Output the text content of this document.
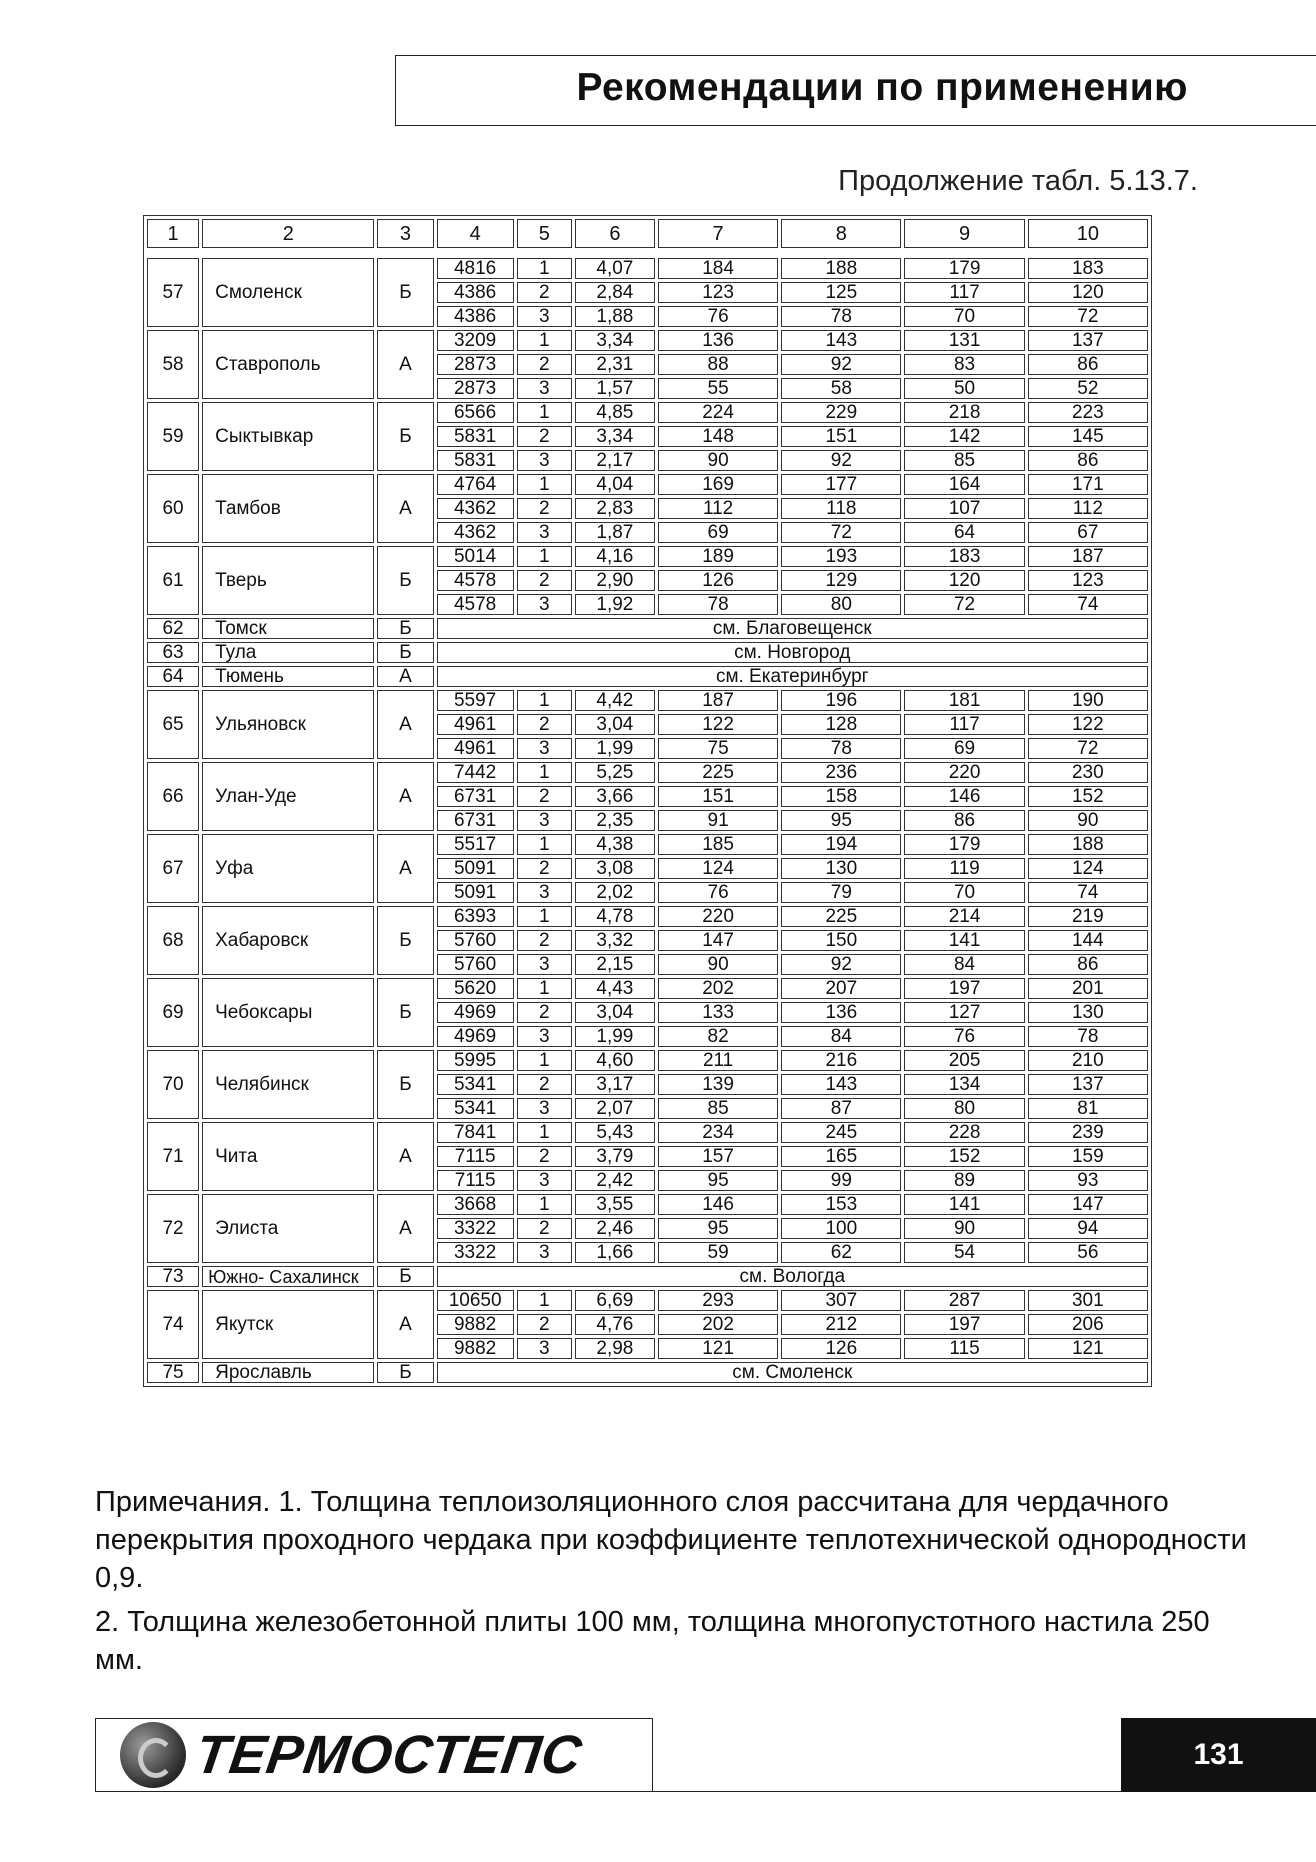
Рекомендации по применению
Продолжение табл. 5.13.7.
1	2	3	4	5	6	7	8	9	10

57	Смоленск	Б	4816	1	4,07	184	188	179	183
			4386	2	2,84	123	125	117	120
			4386	3	1,88	76	78	70	72
58	Ставрополь	А	3209	1	3,34	136	143	131	137
			2873	2	2,31	88	92	83	86
			2873	3	1,57	55	58	50	52
59	Сыктывкар	Б	6566	1	4,85	224	229	218	223
			5831	2	3,34	148	151	142	145
			5831	3	2,17	90	92	85	86
60	Тамбов	А	4764	1	4,04	169	177	164	171
			4362	2	2,83	112	118	107	112
			4362	3	1,87	69	72	64	67
61	Тверь	Б	5014	1	4,16	189	193	183	187
			4578	2	2,90	126	129	120	123
			4578	3	1,92	78	80	72	74
62	Томск	Б	см. Благовещенск						
63	Тула	Б	см. Новгород						
64	Тюмень	А	см. Екатеринбург						
65	Ульяновск	А	5597	1	4,42	187	196	181	190
			4961	2	3,04	122	128	117	122
			4961	3	1,99	75	78	69	72
66	Улан-Уде	А	7442	1	5,25	225	236	220	230
			6731	2	3,66	151	158	146	152
			6731	3	2,35	91	95	86	90
67	Уфа	А	5517	1	4,38	185	194	179	188
			5091	2	3,08	124	130	119	124
			5091	3	2,02	76	79	70	74
68	Хабаровск	Б	6393	1	4,78	220	225	214	219
			5760	2	3,32	147	150	141	144
			5760	3	2,15	90	92	84	86
69	Чебоксары	Б	5620	1	4,43	202	207	197	201
			4969	2	3,04	133	136	127	130
			4969	3	1,99	82	84	76	78
70	Челябинск	Б	5995	1	4,60	211	216	205	210
			5341	2	3,17	139	143	134	137
			5341	3	2,07	85	87	80	81
71	Чита	А	7841	1	5,43	234	245	228	239
			7115	2	3,79	157	165	152	159
			7115	3	2,42	95	99	89	93
72	Элиста	А	3668	1	3,55	146	153	141	147
			3322	2	2,46	95	100	90	94
			3322	3	1,66	59	62	54	56
73	Южно- Сахалинск	Б	см. Вологда						
74	Якутск	А	10650	1	6,69	293	307	287	301
			9882	2	4,76	202	212	197	206
			9882	3	2,98	121	126	115	121
75	Ярославль	Б	см. Смоленск						

Примечания. 1. Толщина теплоизоляционного слоя рассчитана для чердачного перекрытия проходного чердака при коэффициенте теплотехнической однородности 0,9.

2. Толщина железобетонной плиты 100 мм, толщина многопустотного настила 250 мм.

ТЕРМОСТЕПС	131
